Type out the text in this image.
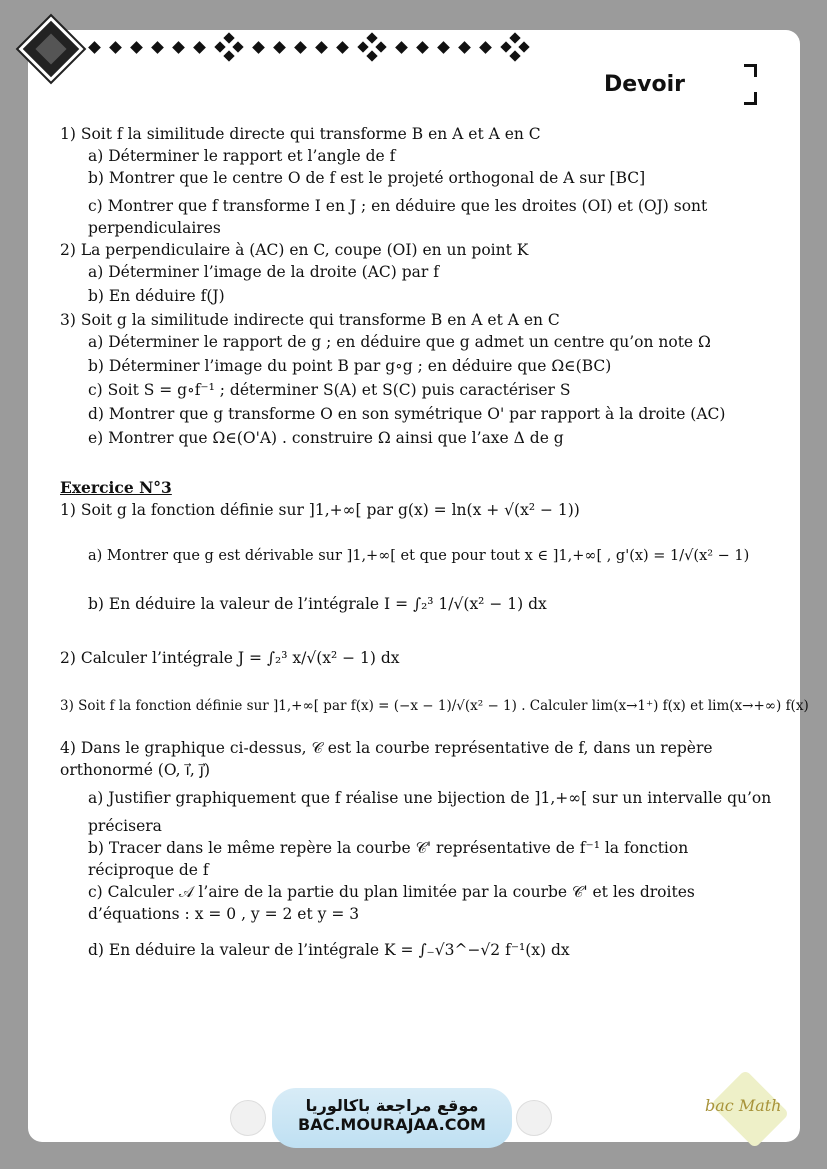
Devoir
1) Soit f la similitude directe qui transforme B en A et A en C
a) Déterminer le rapport et l’angle de f
b) Montrer que le centre O de f est le projeté orthogonal de A sur [BC]
c) Montrer que f transforme I en J ; en déduire que les droites (OI) et (OJ) sont
perpendiculaires
2) La perpendiculaire à (AC) en C, coupe (OI) en un point K
a) Déterminer l’image de la droite (AC) par f
b) En déduire f(J)
3) Soit g la similitude indirecte qui transforme B en A et A en C
a) Déterminer le rapport de g ; en déduire que g admet un centre qu’on note Ω
b) Déterminer l’image du point B par g∘g ; en déduire que Ω∈(BC)
c) Soit S = g∘f⁻¹ ; déterminer S(A) et S(C) puis caractériser S
d) Montrer que g transforme O en son symétrique O' par rapport à la droite (AC)
e) Montrer que Ω∈(O'A) . construire Ω ainsi que l’axe Δ de g
Exercice N°3
1) Soit g la fonction définie sur ]1,+∞[ par g(x) = ln(x + √(x² − 1))
a) Montrer que g est dérivable sur ]1,+∞[ et que pour tout x ∈ ]1,+∞[ , g'(x) = 1/√(x² − 1)
b) En déduire la valeur de l’intégrale I = ∫₂³ 1/√(x² − 1) dx
2) Calculer l’intégrale J = ∫₂³ x/√(x² − 1) dx
3) Soit f la fonction définie sur ]1,+∞[ par f(x) = (−x − 1)/√(x² − 1) . Calculer lim(x→1⁺) f(x) et lim(x→+∞) f(x)
4) Dans le graphique ci-dessus, 𝒞 est la courbe représentative de f, dans un repère
orthonormé (O, i⃗, j⃗)
a) Justifier graphiquement que f réalise une bijection de ]1,+∞[ sur un intervalle qu’on
précisera
b) Tracer dans le même repère la courbe 𝒞' représentative de f⁻¹ la fonction
réciproque de f
c) Calculer 𝒜 l’aire de la partie du plan limitée par la courbe 𝒞' et les droites
d’équations : x = 0 , y = 2 et y = 3
d) En déduire la valeur de l’intégrale K = ∫₋√3^−√2 f⁻¹(x) dx
موقع مراجعة باكالوريا
BAC.MOURAJAA.COM
bac Math
